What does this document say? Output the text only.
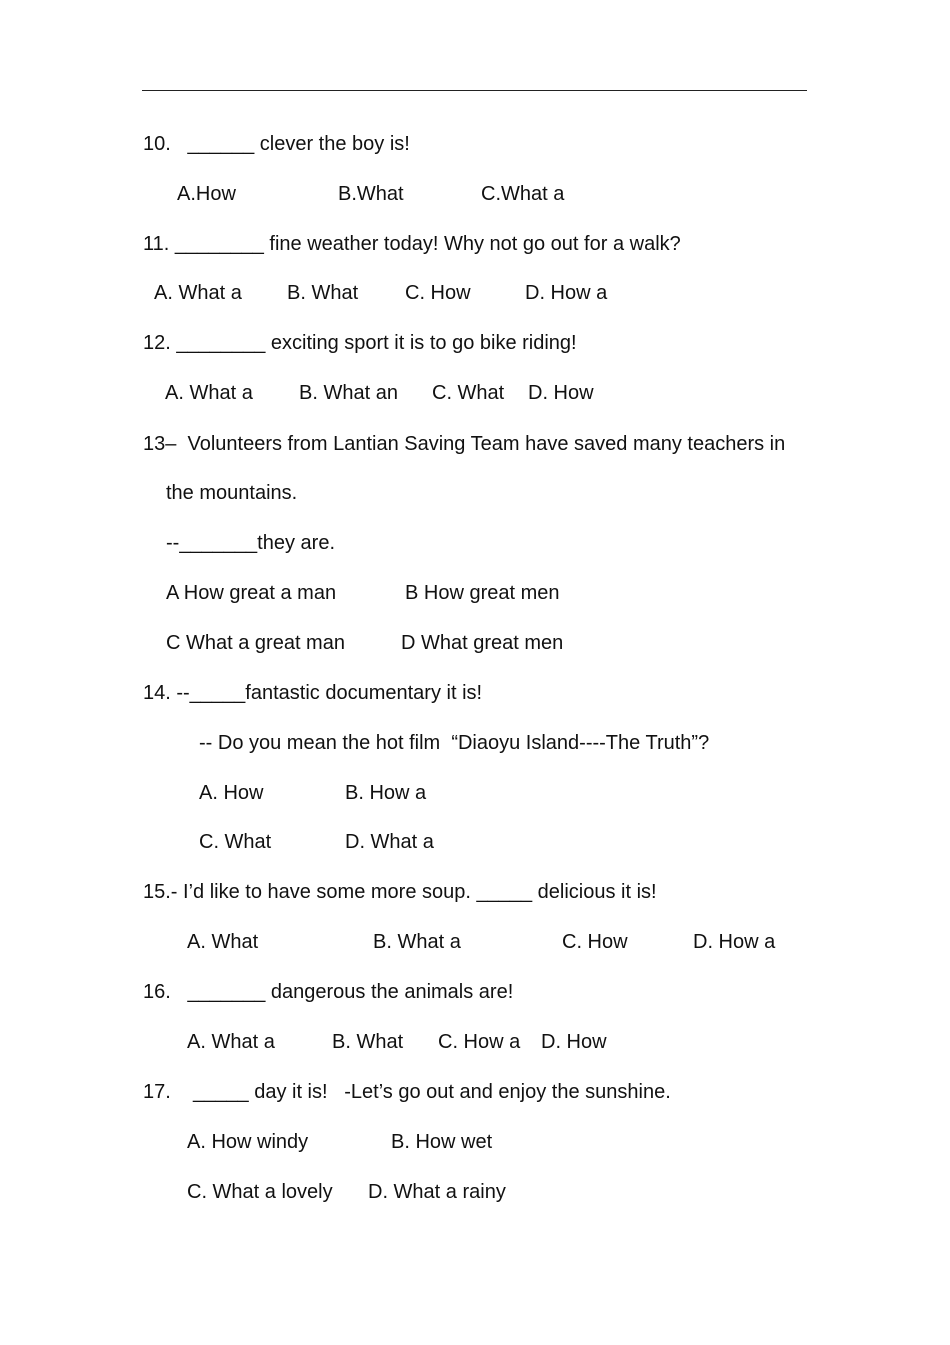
10.   ______ clever the boy is!
A.How	B.What	C.What a
11. ________ fine weather today! Why not go out for a walk?
A. What a B. What C. How	D. How a
12. ________ exciting sport it is to go bike riding!
A. What a B. What an C. What D. How
13–  Volunteers from Lantian Saving Team have saved many teachers in
the mountains.
--_______they are.
A How great a man	B How great men
C What a great man	D What great men
14. --_____fantastic documentary it is!
-- Do you mean the hot film  “Diaoyu Island----The Truth”?
A. How	B. How a
C. What	D. What a
15.- I’d like to have some more soup. _____ delicious it is!
A. What	B. What a	C. How	D. How a
16.   _______ dangerous the animals are!
A. What a	B. What C. How a D. How
17.    _____ day it is!   -Let’s go out and enjoy the sunshine.
A. How windy	B. How wet
C. What a lovely D. What a rainy
